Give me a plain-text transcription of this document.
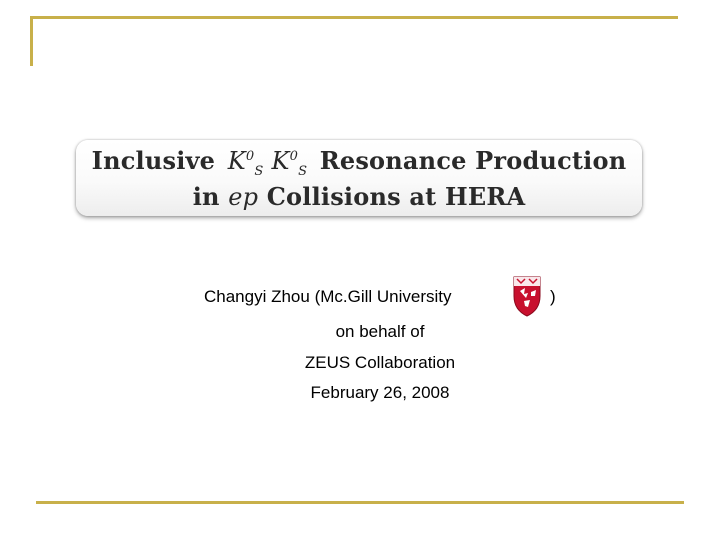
Inclusive $K^0_S$ $K^0_S$ Resonance Production
in ep Collisions at HERA
Changyi Zhou (Mc.Gill University	)
on behalf of
ZEUS Collaboration
February 26, 2008
